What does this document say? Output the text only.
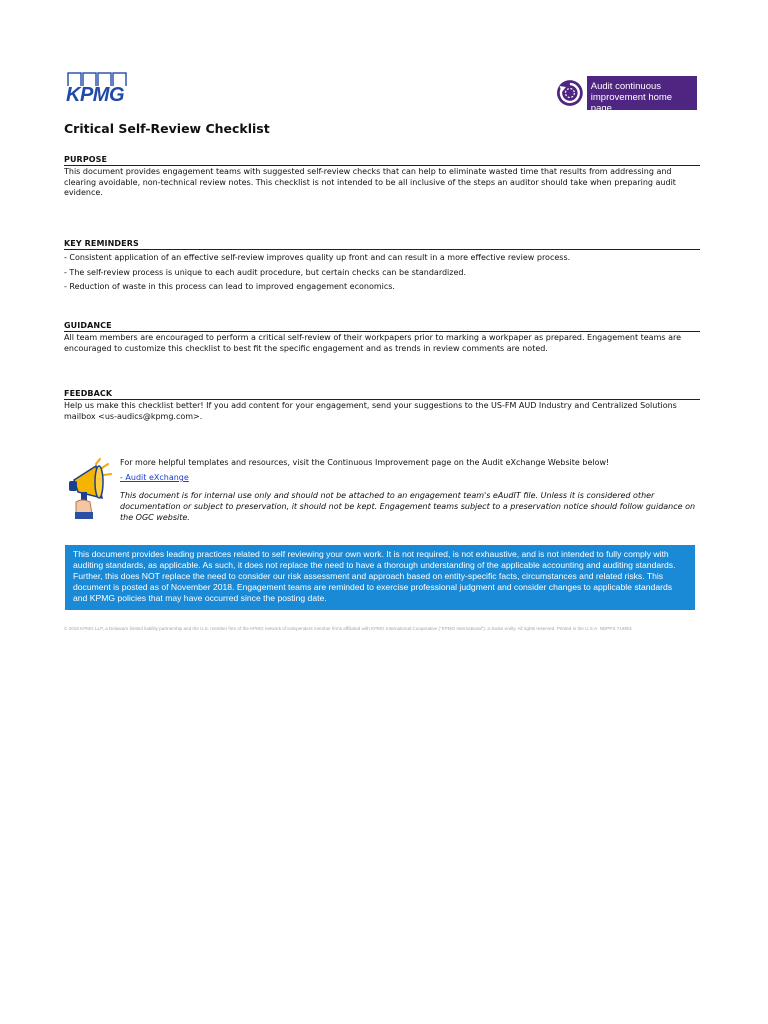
KPMG	Audit continuous improvement home page
Critical Self-Review Checklist
PURPOSE

This document provides engagement teams with suggested self-review checks that can help to eliminate wasted time that results from addressing and clearing avoidable, non-technical review notes. This checklist is not intended to be all inclusive of the steps an auditor should take when preparing audit evidence.

KEY REMINDERS

- Consistent application of an effective self-review improves quality up front and can result in a more effective review process.

- The self-review process is unique to each audit procedure, but certain checks can be standardized.

- Reduction of waste in this process can lead to improved engagement economics.

GUIDANCE

All team members are encouraged to perform a critical self-review of their workpapers prior to marking a workpaper as prepared. Engagement teams are encouraged to customize this checklist to best fit the specific engagement and as trends in review comments are noted.

FEEDBACK

Help us make this checklist better! If you add content for your engagement, send your suggestions to the US-FM AUD Industry and Centralized Solutions mailbox <us-audics@kpmg.com>.

For more helpful templates and resources, visit the Continuous Improvement page on the Audit eXchange Website below!
- Audit eXchange
This document is for internal use only and should not be attached to an engagement team's eAudIT file. Unless it is considered other documentation or subject to preservation, it should not be kept. Engagement teams subject to a preservation notice should follow guidance on the OGC website.
This document provides leading practices related to self reviewing your own work. It is not required, is not exhaustive, and is not intended to fully comply with auditing standards, as applicable. As such, it does not replace the need to have a thorough understanding of the applicable accounting and auditing standards. Further, this does NOT replace the need to consider our risk assessment and approach based on entity-specific facts, circumstances and related risks. This document is posted as of November 2018. Engagement teams are reminded to exercise professional judgment and consider changes to applicable standards and KPMG policies that may have occurred since the posting date.
© 2018 KPMG LLP, a Delaware limited liability partnership and the U.S. member firm of the KPMG network of independent member firms affiliated with KPMG International Cooperative ("KPMG International"), a Swiss entity. All rights reserved. Printed in the U.S.A. NDPPS 719801
